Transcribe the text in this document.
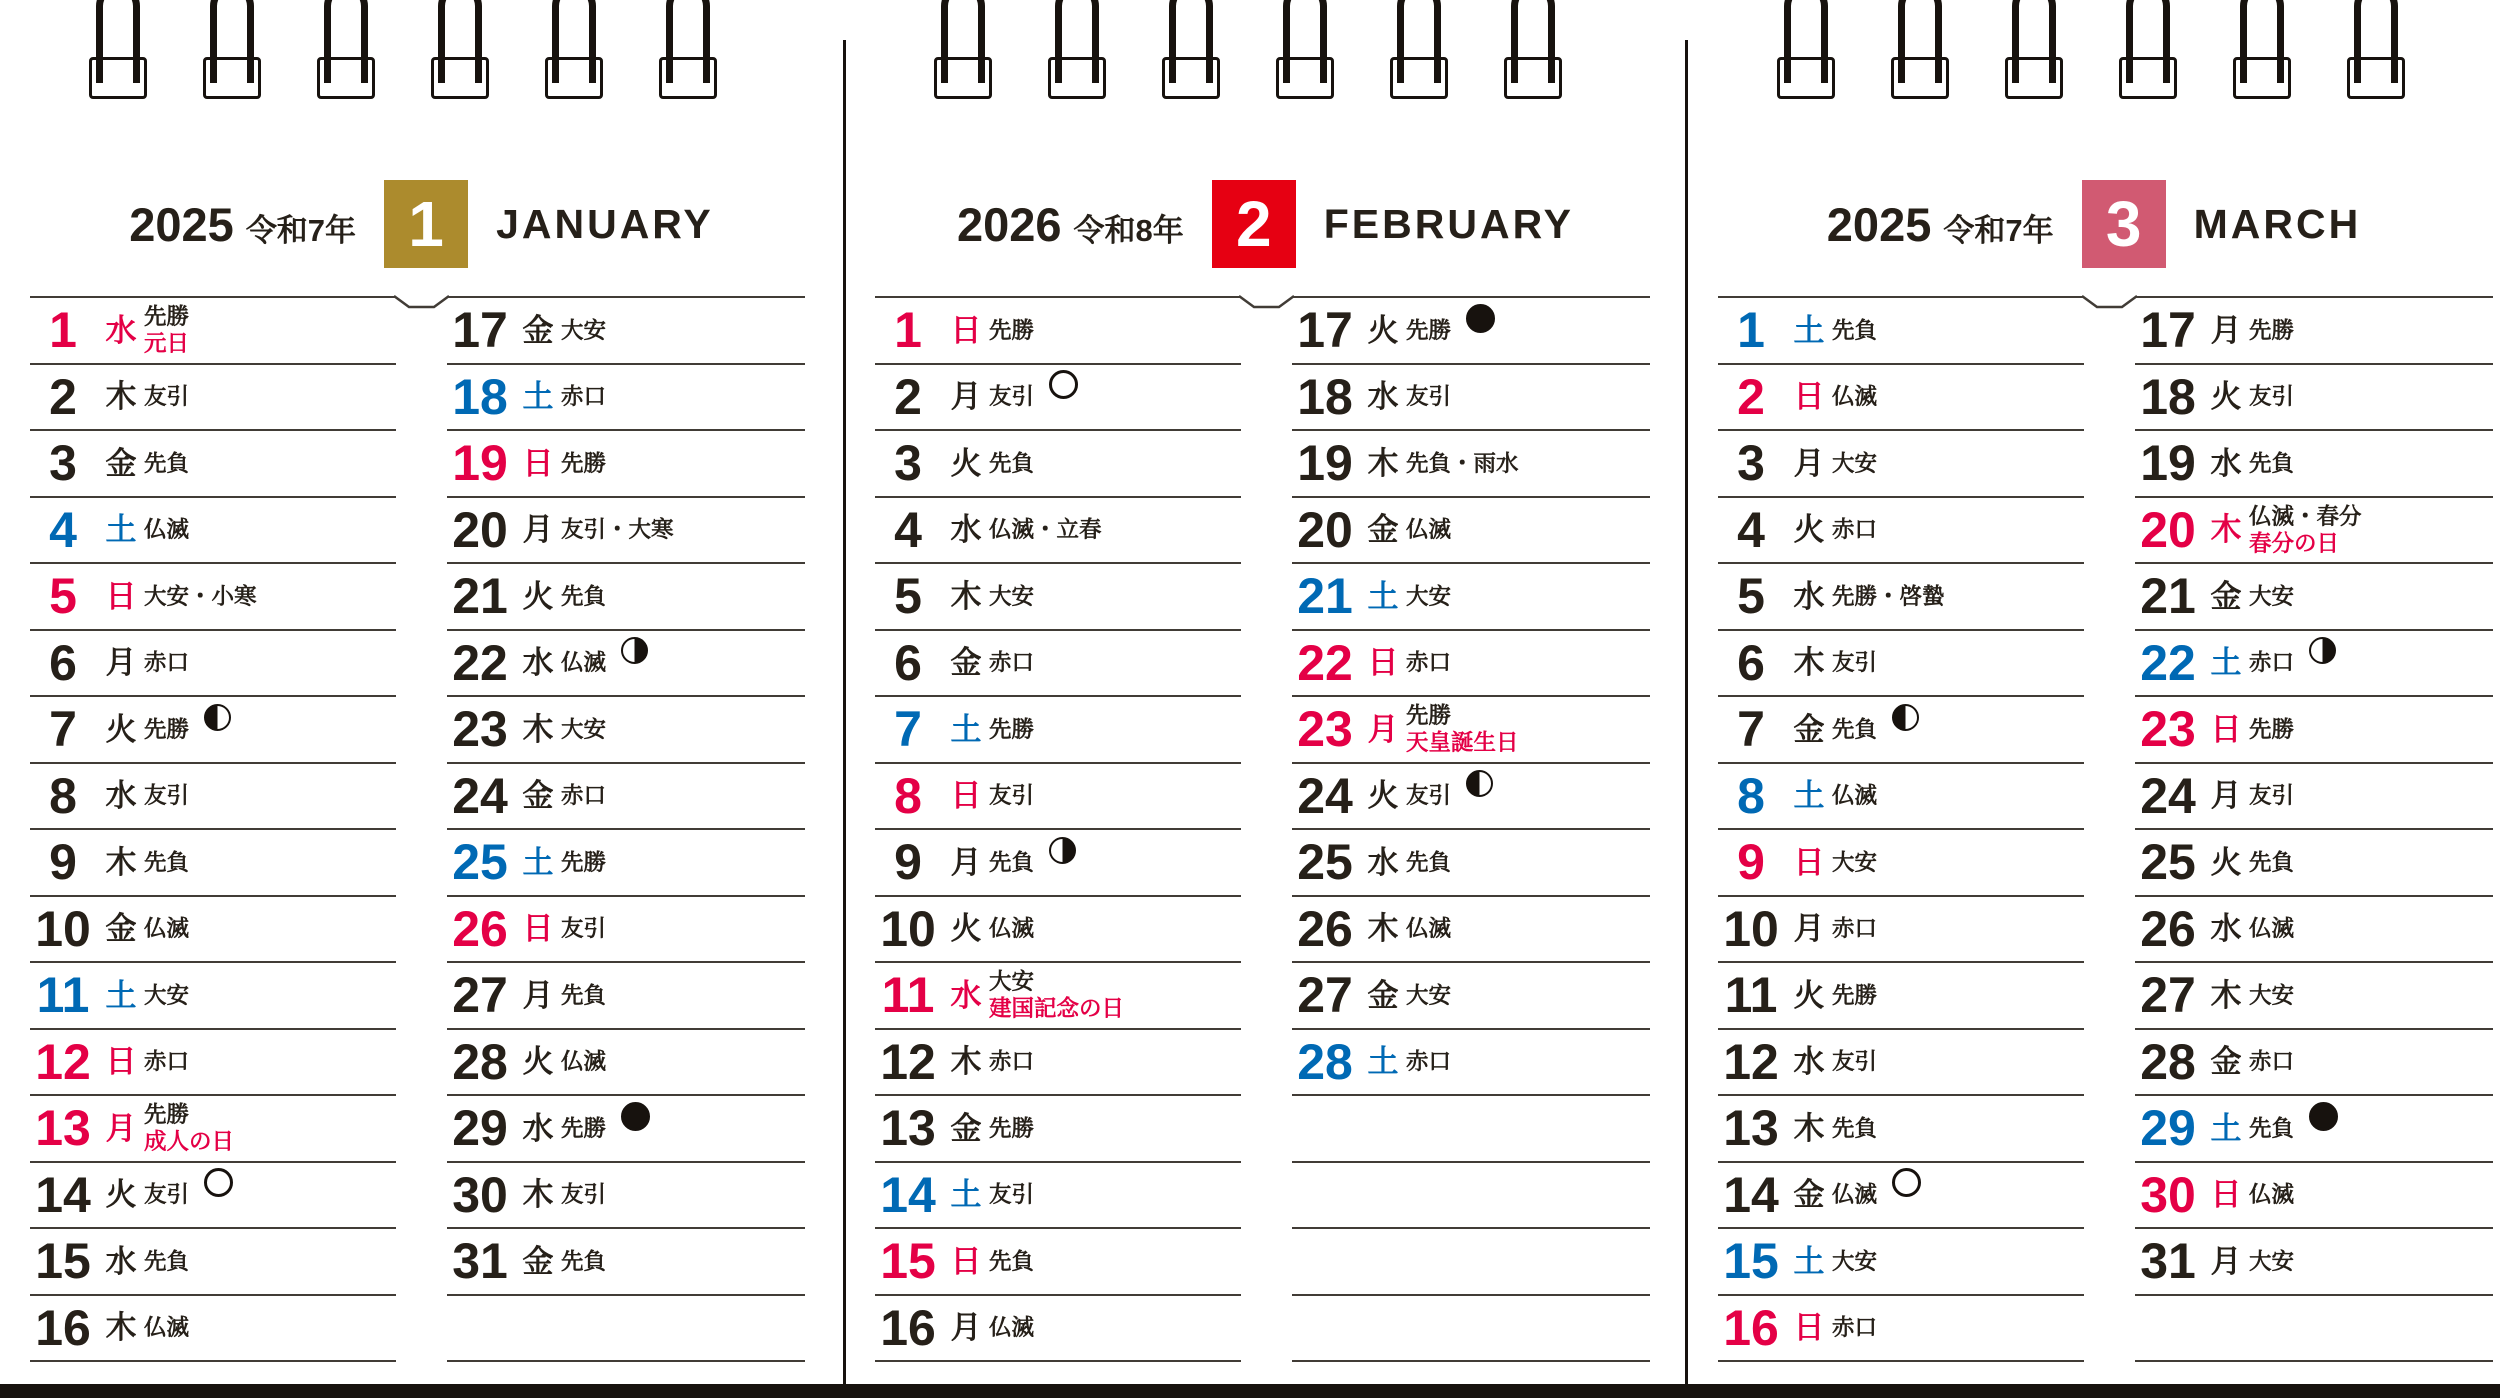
2025 令和7年 1 JANUARY
1 水 先勝
元日
2 木 友引
3 金 先負
4 土 仏滅
5 日 大安・小寒
6 月 赤口
7 火 先勝
8 水 友引
9 木 先負
10 金 仏滅
11 土 大安
12 日 赤口
13 月 先勝
成人の日
14 火 友引
15 水 先負
16 木 仏滅
17 金 大安
18 土 赤口
19 日 先勝
20 月 友引・大寒
21 火 先負
22 水 仏滅
23 木 大安
24 金 赤口
25 土 先勝
26 日 友引
27 月 先負
28 火 仏滅
29 水 先勝
30 木 友引
31 金 先負
2026 令和8年 2 FEBRUARY
1 日 先勝
2 月 友引
3 火 先負
4 水 仏滅・立春
5 木 大安
6 金 赤口
7 土 先勝
8 日 友引
9 月 先負
10 火 仏滅
11 水 大安
建国記念の日
12 木 赤口
13 金 先勝
14 土 友引
15 日 先負
16 月 仏滅
17 火 先勝
18 水 友引
19 木 先負・雨水
20 金 仏滅
21 土 大安
22 日 赤口
23 月 先勝
天皇誕生日
24 火 友引
25 水 先負
26 木 仏滅
27 金 大安
28 土 赤口
2025 令和7年 3 MARCH
1 土 先負
2 日 仏滅
3 月 大安
4 火 赤口
5 水 先勝・啓蟄
6 木 友引
7 金 先負
8 土 仏滅
9 日 大安
10 月 赤口
11 火 先勝
12 水 友引
13 木 先負
14 金 仏滅
15 土 大安
16 日 赤口
17 月 先勝
18 火 友引
19 水 先負
20 木 仏滅・春分
春分の日
21 金 大安
22 土 赤口
23 日 先勝
24 月 友引
25 火 先負
26 水 仏滅
27 木 大安
28 金 赤口
29 土 先負
30 日 仏滅
31 月 大安
